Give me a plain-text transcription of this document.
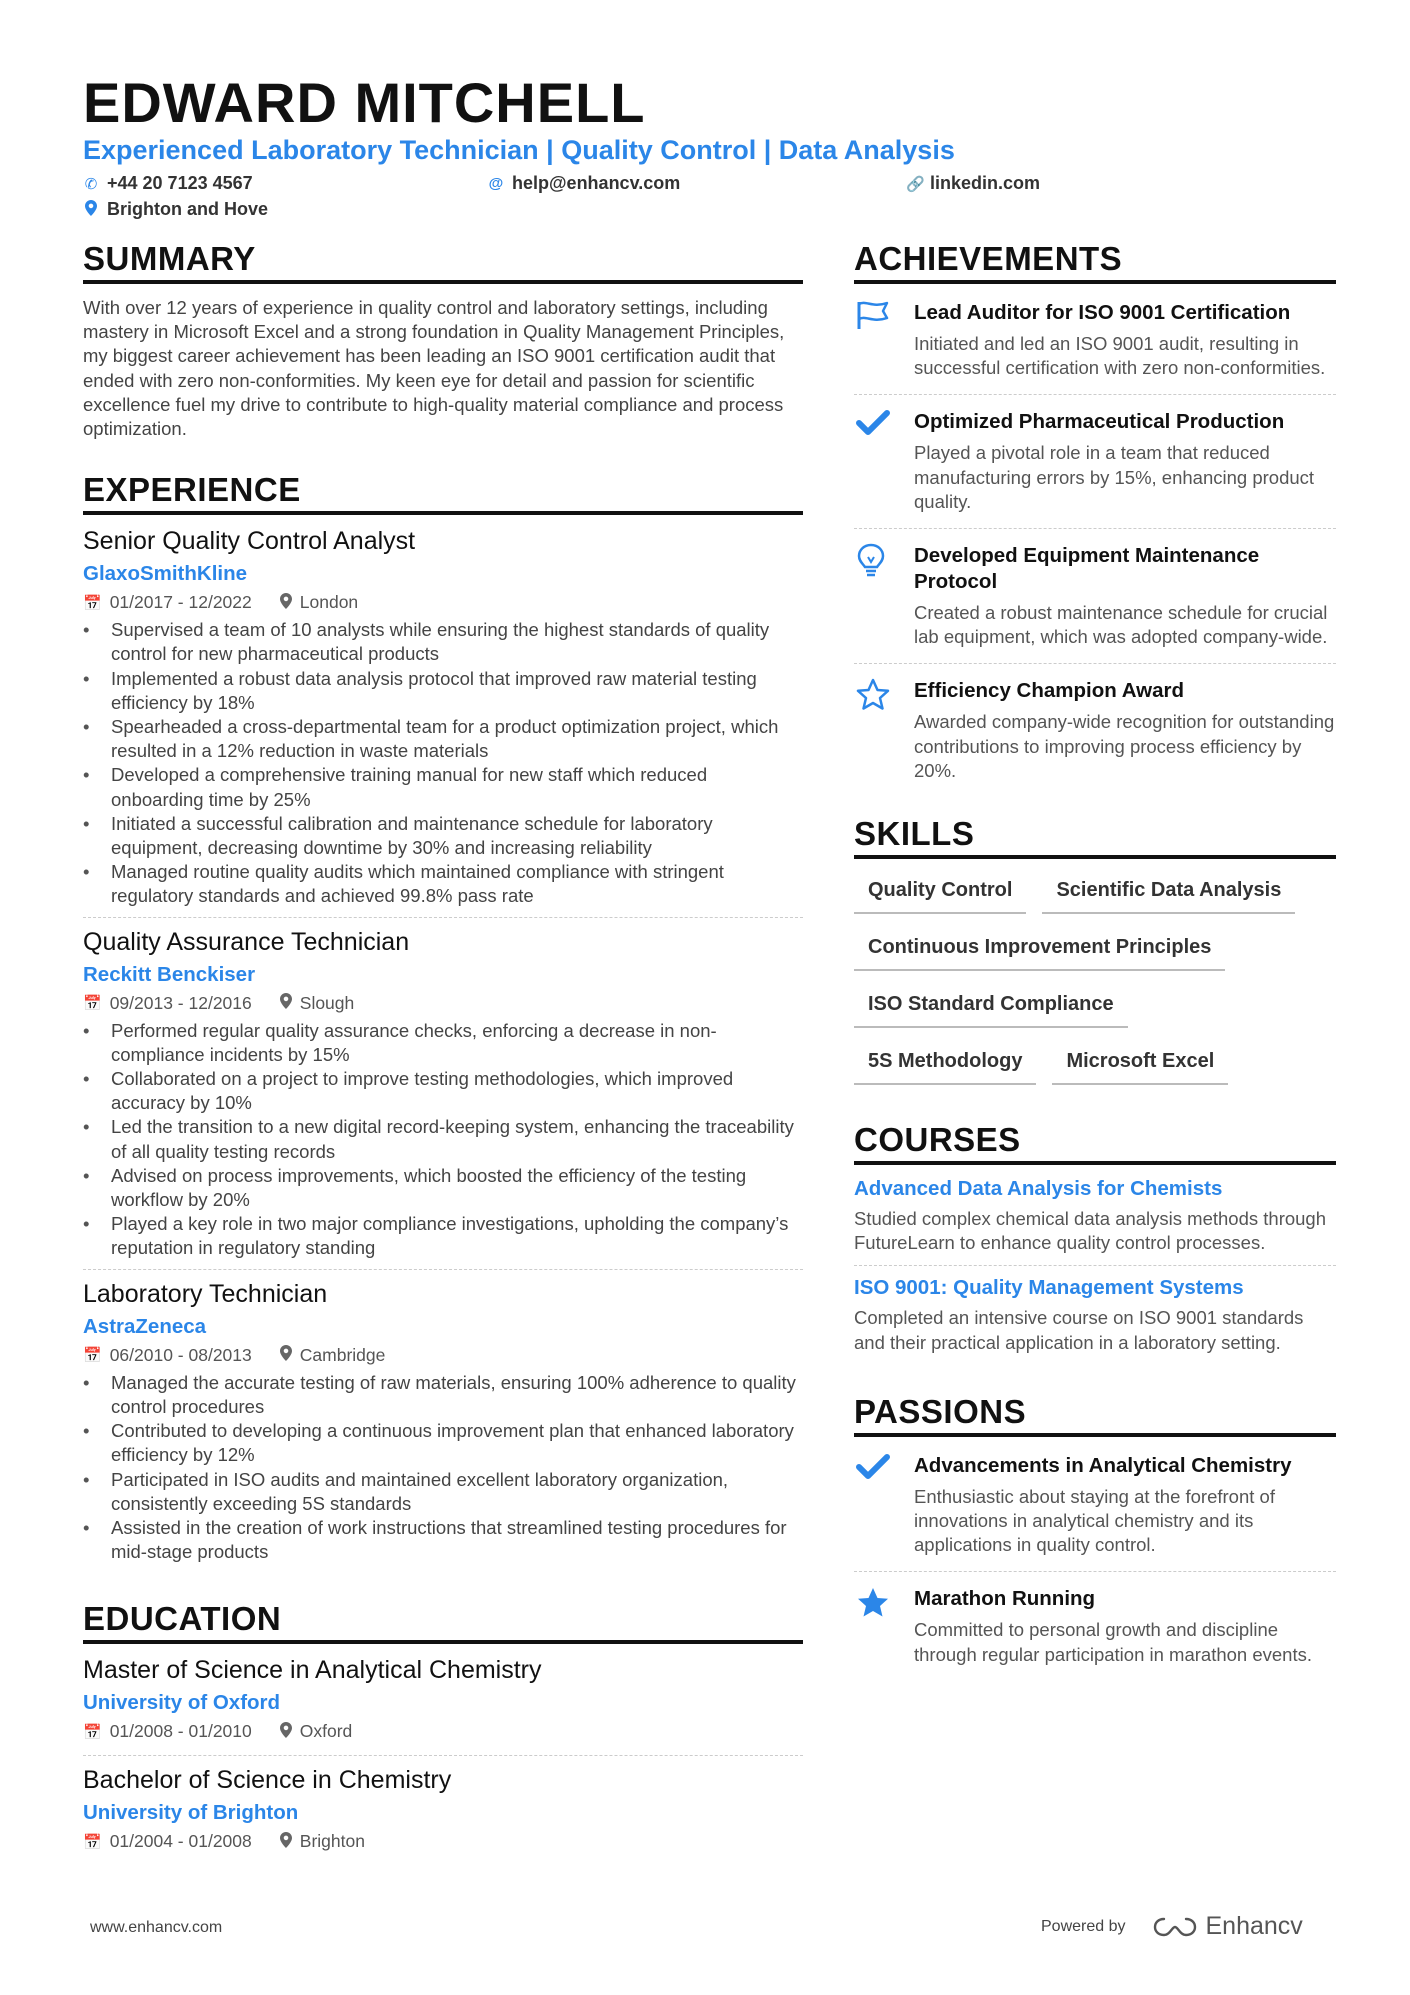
EDWARD MITCHELL
Experienced Laboratory Technician | Quality Control | Data Analysis
✆ +44 20 7123 4567	@ help@enhancv.com	🔗 linkedin.com
Brighton and Hove
SUMMARY

With over 12 years of experience in quality control and laboratory settings, including mastery in Microsoft Excel and a strong foundation in Quality Management Principles, my biggest career achievement has been leading an ISO 9001 certification audit that ended with zero non-conformities. My keen eye for detail and passion for scientific excellence fuel my drive to contribute to high-quality material compliance and process optimization.

EXPERIENCE
Senior Quality Control Analyst
GlaxoSmithKline
📅 01/2017 - 12/2022	London
• Supervised a team of 10 analysts while ensuring the highest standards of quality control for new pharmaceutical products
• Implemented a robust data analysis protocol that improved raw material testing efficiency by 18%
• Spearheaded a cross-departmental team for a product optimization project, which resulted in a 12% reduction in waste materials
• Developed a comprehensive training manual for new staff which reduced onboarding time by 25%
• Initiated a successful calibration and maintenance schedule for laboratory equipment, decreasing downtime by 30% and increasing reliability
• Managed routine quality audits which maintained compliance with stringent regulatory standards and achieved 99.8% pass rate
Quality Assurance Technician
Reckitt Benckiser
📅 09/2013 - 12/2016	Slough
• Performed regular quality assurance checks, enforcing a decrease in non-compliance incidents by 15%
• Collaborated on a project to improve testing methodologies, which improved accuracy by 10%
• Led the transition to a new digital record-keeping system, enhancing the traceability of all quality testing records
• Advised on process improvements, which boosted the efficiency of the testing workflow by 20%
• Played a key role in two major compliance investigations, upholding the company’s reputation in regulatory standing
Laboratory Technician
AstraZeneca
📅 06/2010 - 08/2013	Cambridge
• Managed the accurate testing of raw materials, ensuring 100% adherence to quality control procedures
• Contributed to developing a continuous improvement plan that enhanced laboratory efficiency by 12%
• Participated in ISO audits and maintained excellent laboratory organization, consistently exceeding 5S standards
• Assisted in the creation of work instructions that streamlined testing procedures for mid-stage products
EDUCATION
Master of Science in Analytical Chemistry
University of Oxford
📅 01/2008 - 01/2010	Oxford
Bachelor of Science in Chemistry
University of Brighton
📅 01/2004 - 01/2008	Brighton
ACHIEVEMENTS
Lead Auditor for ISO 9001 Certification
Initiated and led an ISO 9001 audit, resulting in successful certification with zero non-conformities.
Optimized Pharmaceutical Production
Played a pivotal role in a team that reduced manufacturing errors by 15%, enhancing product quality.
Developed Equipment Maintenance Protocol
Created a robust maintenance schedule for crucial lab equipment, which was adopted company-wide.
Efficiency Champion Award
Awarded company-wide recognition for outstanding contributions to improving process efficiency by 20%.
SKILLS
Quality Control	Scientific Data Analysis
Continuous Improvement Principles
ISO Standard Compliance
5S Methodology	Microsoft Excel
COURSES
Advanced Data Analysis for Chemists
Studied complex chemical data analysis methods through FutureLearn to enhance quality control processes.
ISO 9001: Quality Management Systems
Completed an intensive course on ISO 9001 standards and their practical application in a laboratory setting.
PASSIONS
Advancements in Analytical Chemistry
Enthusiastic about staying at the forefront of innovations in analytical chemistry and its applications in quality control.
Marathon Running
Committed to personal growth and discipline through regular participation in marathon events.
www.enhancv.com	Powered by	Enhancv
